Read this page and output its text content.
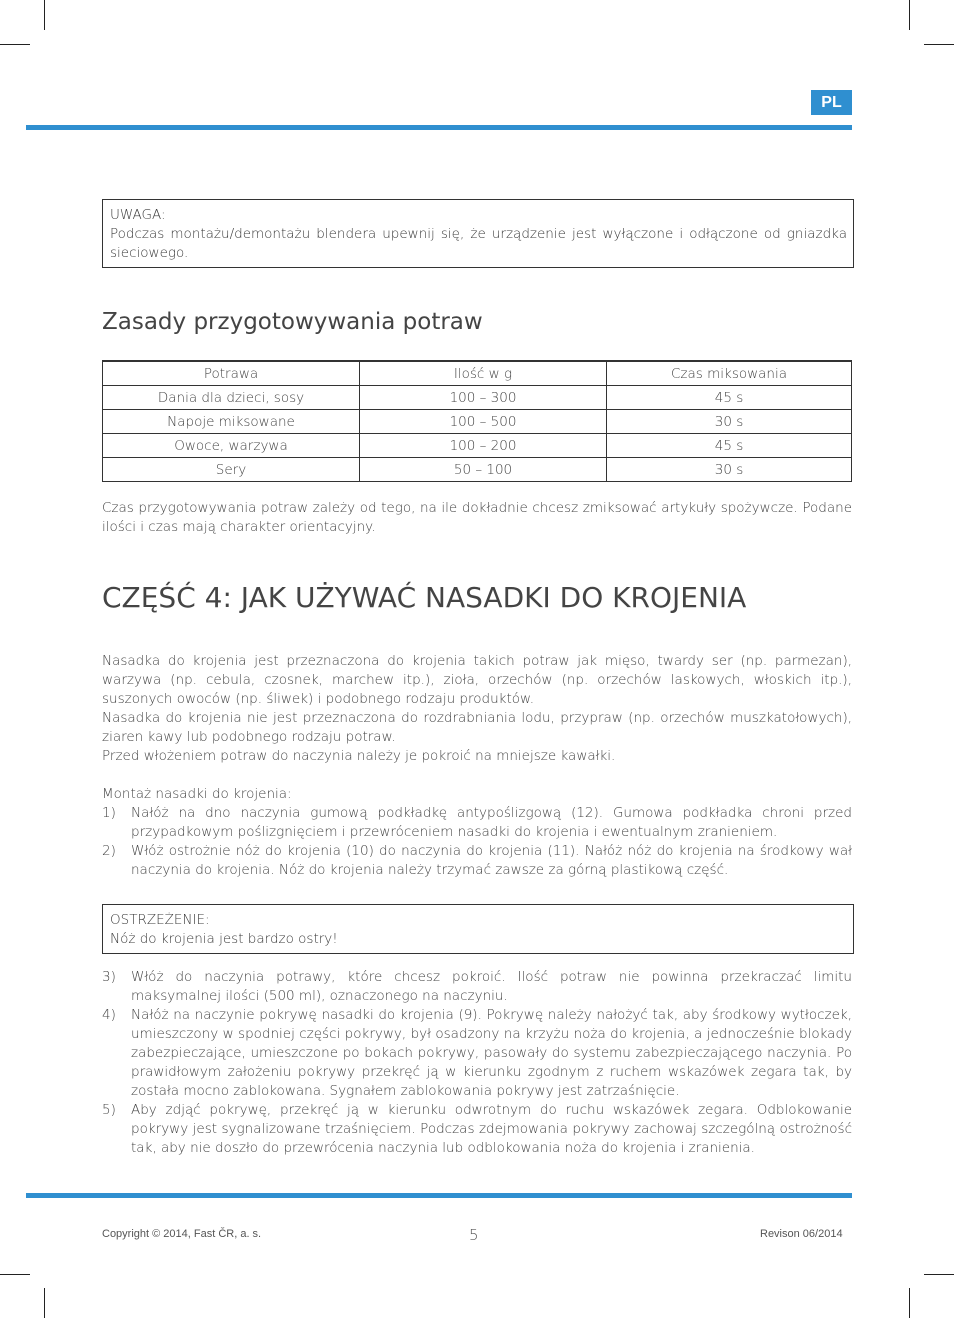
PL
UWAGA:
Podczas montażu/demontażu blendera upewnij się, że urządzenie jest wyłączone i odłączone od gniazdka sieciowego.
Zasady przygotowywania potraw
Potrawa	Ilość w g	Czas miksowania
Dania dla dzieci, sosy	100 – 300	45 s
Napoje miksowane	100 – 500	30 s
Owoce, warzywa	100 – 200	45 s
Sery	50 – 100	30 s

Czas przygotowywania potraw zależy od tego, na ile dokładnie chcesz zmiksować artykuły spożywcze. Podane ilości i czas mają charakter orientacyjny.

CZĘŚĆ 4: JAK UŻYWAĆ NASADKI DO KROJENIA
Nasadka do krojenia jest przeznaczona do krojenia takich potraw jak mięso, twardy ser (np. parmezan), warzywa (np. cebula, czosnek, marchew itp.), zioła, orzechów (np. orzechów laskowych, włoskich itp.), suszonych owoców (np. śliwek) i podobnego rodzaju produktów.
Nasadka do krojenia nie jest przeznaczona do rozdrabniania lodu, przypraw (np. orzechów muszkatołowych), ziaren kawy lub podobnego rodzaju potraw.
Przed włożeniem potraw do naczynia należy je pokroić na mniejsze kawałki.
Montaż nasadki do krojenia:
1) Nałóż na dno naczynia gumową podkładkę antypoślizgową (12). Gumowa podkładka chroni przed przypadkowym poślizgnięciem i przewróceniem nasadki do krojenia i ewentualnym zranieniem.
2) Włóż ostrożnie nóż do krojenia (10) do naczynia do krojenia (11). Nałóż nóż do krojenia na środkowy wał naczynia do krojenia. Nóż do krojenia należy trzymać zawsze za górną plastikową część.
OSTRZEŻENIE:
Nóż do krojenia jest bardzo ostry!
3) Włóż do naczynia potrawy, które chcesz pokroić. Ilość potraw nie powinna przekraczać limitu maksymalnej ilości (500 ml), oznaczonego na naczyniu.
4) Nałóż na naczynie pokrywę nasadki do krojenia (9). Pokrywę należy nałożyć tak, aby środkowy wytłoczek, umieszczony w spodniej części pokrywy, był osadzony na krzyżu noża do krojenia, a jednocześnie blokady zabezpieczające, umieszczone po bokach pokrywy, pasowały do systemu zabezpieczającego naczynia. Po prawidłowym założeniu pokrywy przekręć ją w kierunku zgodnym z ruchem wskazówek zegara tak, by została mocno zablokowana. Sygnałem zablokowania pokrywy jest zatrzaśnięcie.
5) Aby zdjąć pokrywę, przekręć ją w kierunku odwrotnym do ruchu wskazówek zegara. Odblokowanie pokrywy jest sygnalizowane trzaśnięciem. Podczas zdejmowania pokrywy zachowaj szczególną ostrożność tak, aby nie doszło do przewrócenia naczynia lub odblokowania noża do krojenia i zranienia.
Copyright © 2014, Fast ČR, a. s.	5	Revison 06/2014
